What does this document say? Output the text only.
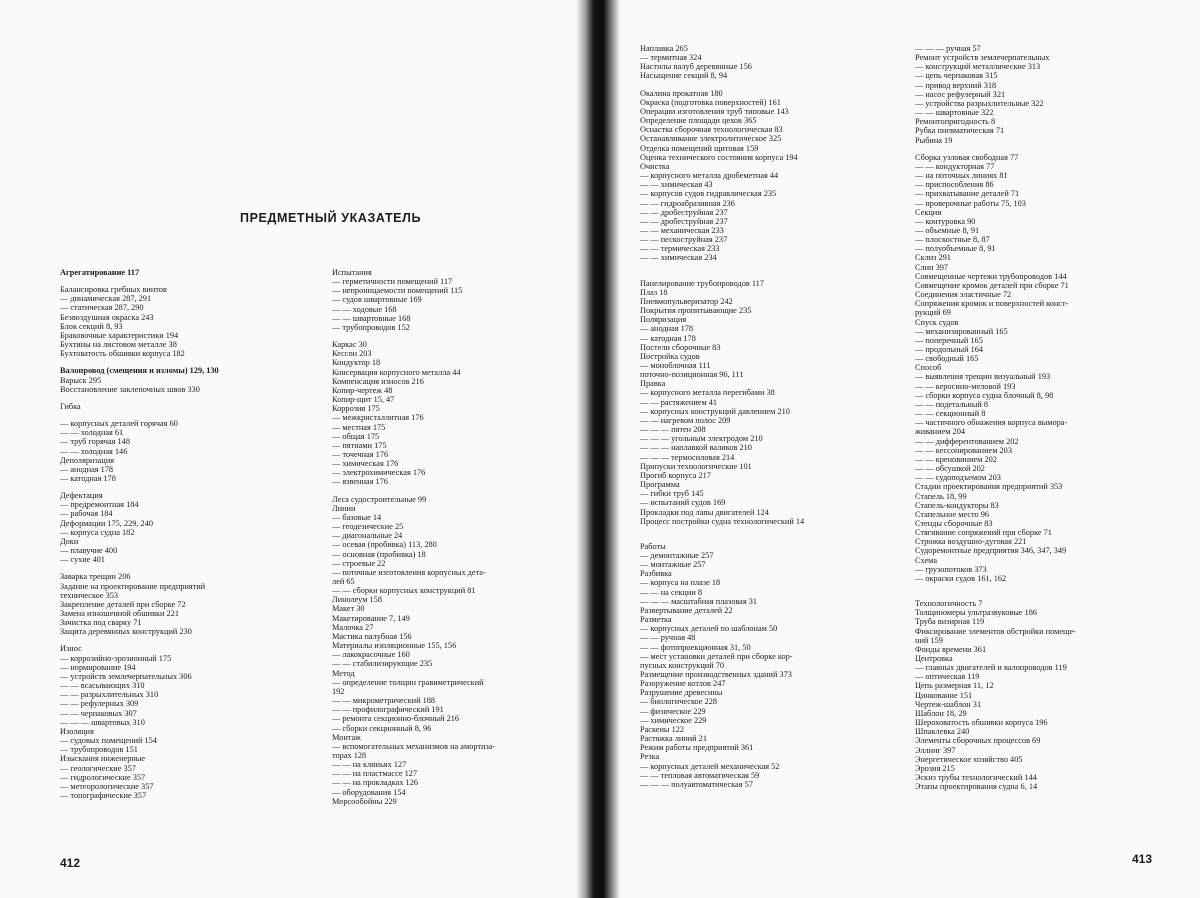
ПРЕДМЕТНЫЙ УКАЗАТЕЛЬ
Агрегатирование 117
Балансировка гребных винтов
— динамическая 287, 291
— статическая 287, 290
Безвоздушная окраска 243
Блок секций 8, 93
Браковочные характеристики 194
Бухтины на листовом металле 38
Бухтоватость обшивки корпуса 182
Валопровод (смещения и изломы) 129, 130
Варыск 295
Восстановление заклепочных швов 330
Гибка
— корпусных деталей горячая 60
— — холодная 61
— труб горячая 148
— — холодная 146
Деполяризация
— анодная 178
— катодная 178
Дефектация
— предремонтная 184
— рабочая 184
Деформации 175, 229, 240
— корпуса судна 182
Доки
— плавучие 400
— сухие 401
Заварка трещин 206
Задание на проектирование предприятий
техническое 353
Закрепление деталей при сборке 72
Замена изношенной обшивки 221
Зачистка под сварку 71
Защита деревянных конструкций 230
Износ
— коррозийно-эрозионный 175
— нормирование 194
— устройств землечерпательных 306
— — всасывающих 310
— — разрыхлительных 310
— — рефулерных 309
— — черпаковых 307
— — — швартовых 310
Изоляция
— судовых помещений 154
— трубопроводов 151
Изыскания инженерные
— геологические 357
— гидрологические 357
— метеорологические 357
— топографические 357
Испытания
— герметичности помещений 117
— непроницаемости помещений 115
— судов швартовные 169
— — ходовые 168
— — швартовные 168
— трубопроводов 152
Каркас 30
Кессон 203
Кондуктор 18
Консервация корпусного металла 44
Компенсация износов 216
Копир-чертеж 48
Копир-щит 15, 47
Коррозия 175
— межкристаллитная 176
— местная 175
— общая 175
— пятнами 175
— точечная 176
— химическая 176
— электрохимическая 176
— язвенная 176
Леса судостроительные 99
Линии
— базовые 14
— геодезические 25
— диагональные 24
— осевая (пробивка) 113, 280
— основная (пробивка) 18
— строевые 22
— поточные изготовления корпусных дета-
лей 65
— — сборки корпусных конструкций 81
Линолеум 158
Макет 30
Макетирование 7, 149
Малочка 27
Мастика палубная 156
Материалы изоляционные 155, 156
— лакокрасочные 160
— — стабилизирующие 235
Метод
— определение толщин гравиметрический
192
— — микрометрический 188
— — профилографический 191
— ремонта секционно-блочный 216
— сборки секционный 8, 96
Монтаж
— вспомогательных механизмов на амортиза-
торах 128
— — на клиньях 127
— — на пластмассе 127
— — на прокладках 126
— оборудования 154
Морсообойны 229
412
Наплавка 265
— термитная 324
Настилы палуб деревянные 156
Насыщение секций 8, 94
Окалина прокатная 180
Окраска (подготовка поверхностей) 161
Операции изготовления труб типовые 143
Определение площади цехов 365
Оснастка сборочная технологическая 83
Останавливание электролитическое 325
Отделка помещений щитовая 159
Оценка технического состояния корпуса 194
Очистка
— корпусного металла дробеметная 44
— — химическая 43
— корпусов судов гидравлическая 235
— — гидроабразивная 236
— — дробеструйная 237
— — дробеструйная 237
— — механическая 233
— — пескоструйная 237
— — термическая 233
— — химическая 234
Панелирование трубопроводов 117
Плаз 18
Пневмопульверизатор 242
Покрытия пропитывающие 235
Поляризация
— анодная 178
— катодная 178
Постели сборочные 83
Постройка судов
— моноблочная 111
поточно-позиционная 96, 111
Правка
— корпусного металла перегибами 38
— — растяжением 41
— корпусных конструкций давлением 210
— — нагревом полос 209
— — — пятен 208
— — — угольным электродом 210
— — — наплавкой валиков 210
— — — термосиловая 214
Припуски технологические 101
Прогиб корпуса 217
Программа
— гибки труб 145
— испытаний судов 169
Прокладки под лапы двигателей 124
Процесс постройки судна технологический 14
Работы
— демонтажные 257
— монтажные 257
Разбивка
— корпуса на плазе 18
— — на секции 8
— — — масштабная плазовая 31
Развертывание деталей 22
Разметка
— корпусных деталей по шаблонам 50
— — ручная 48
— — фотопроекционная 31, 50
— мест установки деталей при сборке кор-
пусных конструкций 70
Размещение производственных зданий 373
Разоружение котлов 247
Разрушение древесины
— биологическое 228
— физическое 229
— химическое 229
Раскены 122
Растяжка линий 21
Режим работы предприятий 361
Резка
— корпусных деталей механическая 52
— — тепловая автоматическая 59
— — — полуавтоматическая 57
— — — ручная 57
Ремонт устройств землечерпательных
— конструкций металлические 313
— цепь черпаковая 315
— привод верхний 318
— насос рефулерный 321
— устройства разрыхлительные 322
— — швартовные 322
Ремонтопригодность 8
Рубка пневматическая 71
Рыбина 19
Сборка узловая свободная 77
— — кондукторная 77
— на поточных линиях 81
— приспособления 86
— прихватывание деталей 71
— проверочные работы 75, 103
Секции
— контуровка 90
— объемные 8, 91
— плоскостные 8, 87
— полуобъемные 8, 91
Склиз 291
Слип 397
Совмещенные чертежи трубопроводов 144
Совмещение кромок деталей при сборке 71
Соединения эластичные 72
Сопряжения кромок и поверхностей конст-
рукций 69
Спуск судов
— механизированный 165
— поперечный 165
— продольный 164
— свободный 165
Способ
— выявления трещин визуальный 193
— — керосино-меловой 193
— сборки корпуса судна блочный 8, 98
— — подетальный 8
— — секционный 8
— частичного обнажения корпуса вымора-
живанием 204
— — дифферентованием 202
— — кессонированием 203
— — креновинием 202
— — обсушкой 202
— — судоподъемом 203
Стадии проектирования предприятий 353
Стапель 18, 99
Стапель-кондукторы 83
Стапельное место 96
Стенды сборочные 83
Стягивание сопряжений при сборке 71
Строжка воздушно-дуговая 221
Судоремонтные предприятия 346, 347, 349
Схема
— грузопотоков 373
— окраски судов 161, 162
Технологичность 7
Толщиномеры ультразвуковые 186
Труба визирная 119
Фиксирование элементов обстройки помеще-
ний 159
Фонды времени 361
Центровка
— главных двигателей и валопроводов 119
— оптическая 119
Цепь размерная 11, 12
Цинкование 151
Чертеж-шаблон 31
Шаблон 18, 29
Шероховатость обшивки корпуса 196
Шпаклевка 240
Элементы сборочных процессов 69
Эллинг 397
Энергетическое хозяйство 405
Эрозия 215
Эскиз трубы технологический 144
Этапы проектирования судна 6, 14
413
